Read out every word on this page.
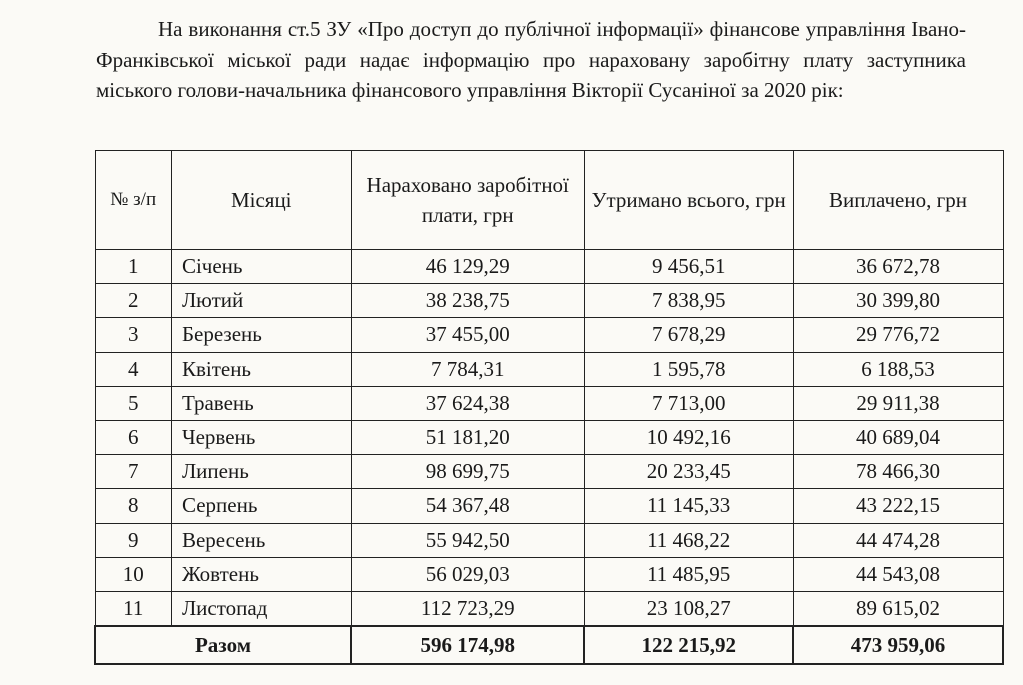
На виконання ст.5 ЗУ «Про доступ до публічної інформації» фінансове управління Івано-Франківської міської ради надає інформацію про нараховану заробітну плату заступника міського голови-начальника фінансового управління Вікторії Сусаніної за 2020 рік:

№ з/п	Місяці	Нараховано заробітної плати, грн	Утримано всього, грн	Виплачено, грн
1	Січень	46 129,29	9 456,51	36 672,78
2	Лютий	38 238,75	7 838,95	30 399,80
3	Березень	37 455,00	7 678,29	29 776,72
4	Квітень	7 784,31	1 595,78	6 188,53
5	Травень	37 624,38	7 713,00	29 911,38
6	Червень	51 181,20	10 492,16	40 689,04
7	Липень	98 699,75	20 233,45	78 466,30
8	Серпень	54 367,48	11 145,33	43 222,15
9	Вересень	55 942,50	11 468,22	44 474,28
10	Жовтень	56 029,03	11 485,95	44 543,08
11	Листопад	112 723,29	23 108,27	89 615,02
Разом		596 174,98	122 215,92	473 959,06
